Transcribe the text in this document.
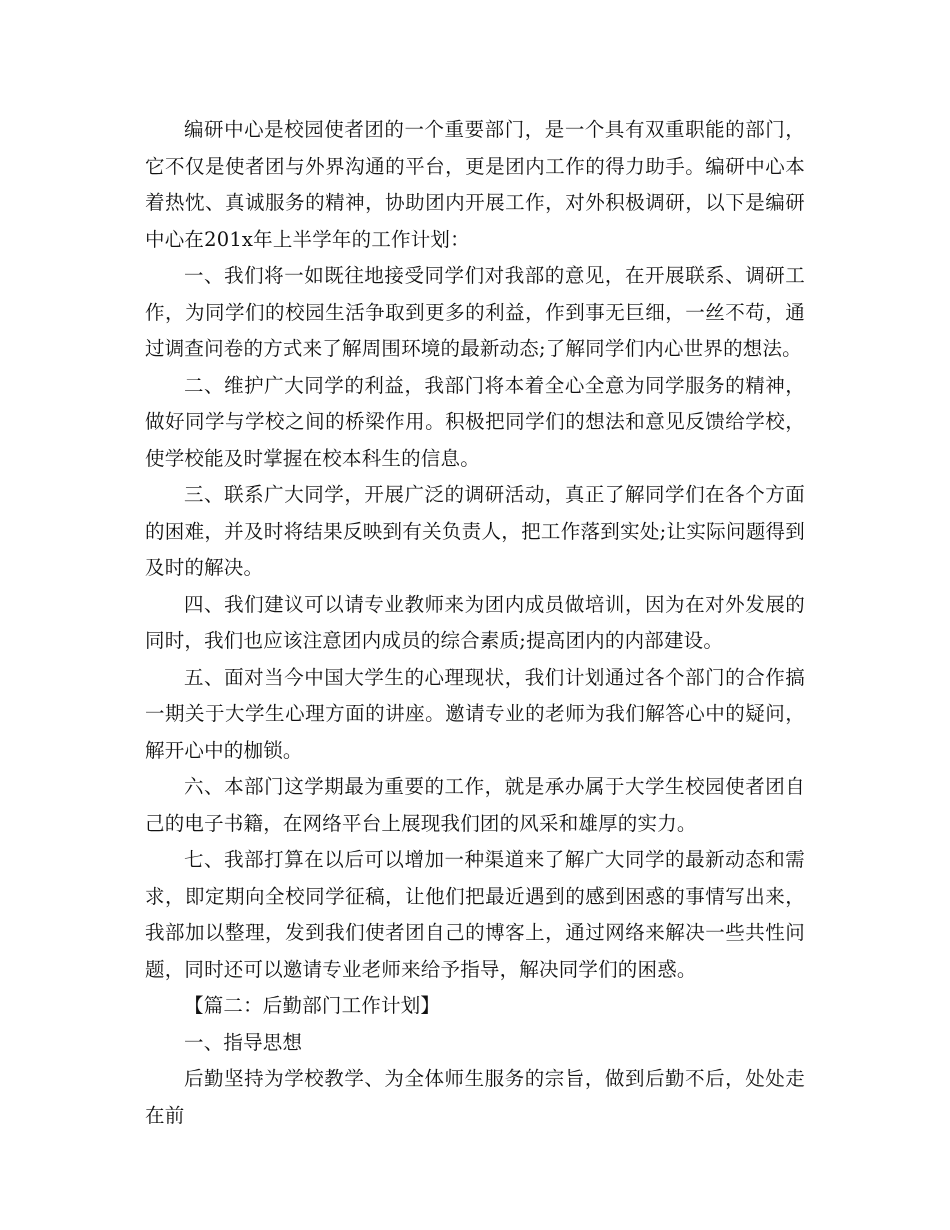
编研中心是校园使者团的一个重要部门，是一个具有双重职能的部门，它不仅是使者团与外界沟通的平台，更是团内工作的得力助手。编研中心本着热忱、真诚服务的精神，协助团内开展工作，对外积极调研，以下是编研中心在201x年上半学年的工作计划：

一、我们将一如既往地接受同学们对我部的意见，在开展联系、调研工作，为同学们的校园生活争取到更多的利益，作到事无巨细，一丝不苟，通过调查问卷的方式来了解周围环境的最新动态;了解同学们内心世界的想法。

二、维护广大同学的利益，我部门将本着全心全意为同学服务的精神，做好同学与学校之间的桥梁作用。积极把同学们的想法和意见反馈给学校，使学校能及时掌握在校本科生的信息。

三、联系广大同学，开展广泛的调研活动，真正了解同学们在各个方面的困难，并及时将结果反映到有关负责人，把工作落到实处;让实际问题得到及时的解决。

四、我们建议可以请专业教师来为团内成员做培训，因为在对外发展的同时，我们也应该注意团内成员的综合素质;提高团内的内部建设。

五、面对当今中国大学生的心理现状，我们计划通过各个部门的合作搞一期关于大学生心理方面的讲座。邀请专业的老师为我们解答心中的疑问，解开心中的枷锁。

六、本部门这学期最为重要的工作，就是承办属于大学生校园使者团自己的电子书籍，在网络平台上展现我们团的风采和雄厚的实力。

七、我部打算在以后可以增加一种渠道来了解广大同学的最新动态和需求，即定期向全校同学征稿，让他们把最近遇到的感到困惑的事情写出来，我部加以整理，发到我们使者团自己的博客上，通过网络来解决一些共性问题，同时还可以邀请专业老师来给予指导，解决同学们的困惑。

【篇二：后勤部门工作计划】

一、指导思想

后勤坚持为学校教学、为全体师生服务的宗旨，做到后勤不后，处处走在前
